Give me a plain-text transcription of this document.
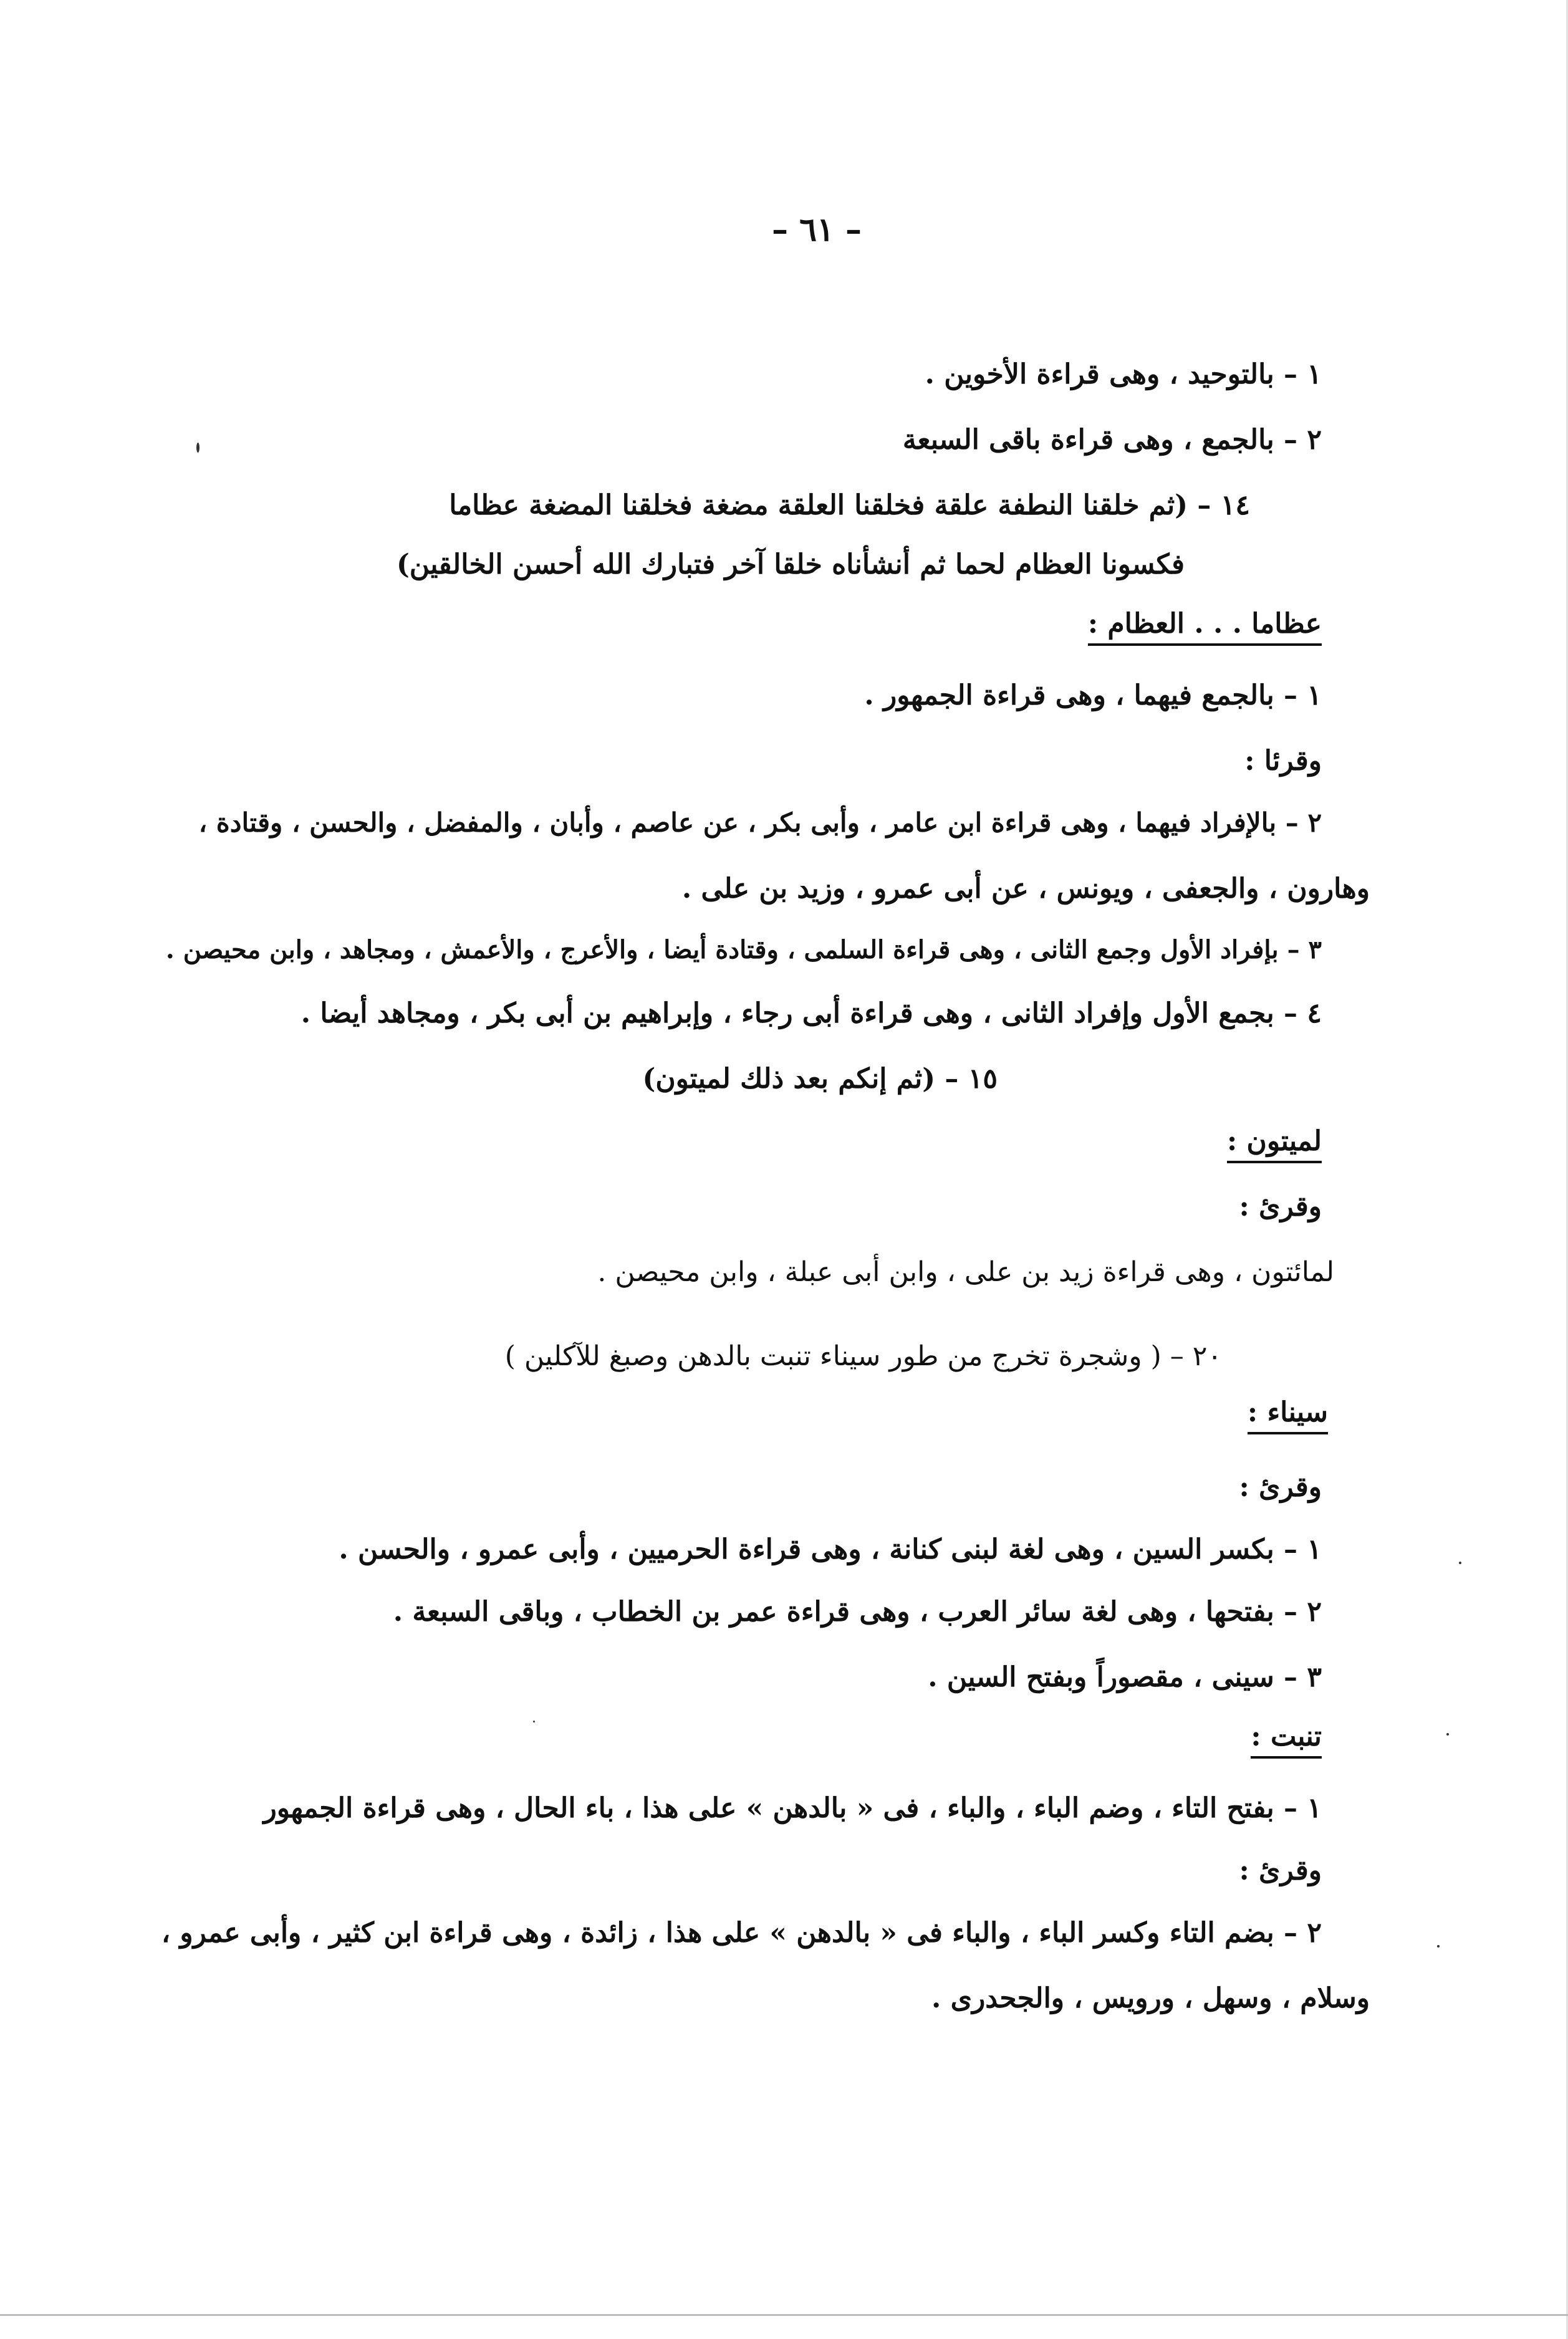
– ٦١ –
١ – بالتوحيد ، وهى قراءة الأخوين .
٢ – بالجمع ، وهى قراءة باقى السبعة
١٤ – (ثم خلقنا النطفة علقة فخلقنا العلقة مضغة فخلقنا المضغة عظاما
فكسونا العظام لحما ثم أنشأناه خلقا آخر فتبارك الله أحسن الخالقين)
عظاما . . . العظام :
١ – بالجمع فيهما ، وهى قراءة الجمهور .
وقرئا :
٢ – بالإفراد فيهما ، وهى قراءة ابن عامر ، وأبى بكر ، عن عاصم ، وأبان ، والمفضل ، والحسن ، وقتادة ،
وهارون ، والجعفى ، ويونس ، عن أبى عمرو ، وزيد بن على .
٣ – بإفراد الأول وجمع الثانى ، وهى قراءة السلمى ، وقتادة أيضا ، والأعرج ، والأعمش ، ومجاهد ، وابن محيصن .
٤ – بجمع الأول وإفراد الثانى ، وهى قراءة أبى رجاء ، وإبراهيم بن أبى بكر ، ومجاهد أيضا .
١٥ – (ثم إنكم بعد ذلك لميتون)
لميتون :
وقرئ :
لمائتون ، وهى قراءة زيد بن على ، وابن أبى عبلة ، وابن محيصن .
٢٠ – ( وشجرة تخرج من طور سيناء تنبت بالدهن وصبغ للآكلين )
سيناء :
وقرئ :
١ – بكسر السين ، وهى لغة لبنى كنانة ، وهى قراءة الحرميين ، وأبى عمرو ، والحسن .
٢ – بفتحها ، وهى لغة سائر العرب ، وهى قراءة عمر بن الخطاب ، وباقى السبعة .
٣ – سينى ، مقصوراً وبفتح السين .
تنبت :
١ – بفتح التاء ، وضم الباء ، والباء ، فى « بالدهن » على هذا ، باء الحال ، وهى قراءة الجمهور
وقرئ :
٢ – بضم التاء وكسر الباء ، والباء فى « بالدهن » على هذا ، زائدة ، وهى قراءة ابن كثير ، وأبى عمرو ،
وسلام ، وسهل ، ورويس ، والجحدرى .
